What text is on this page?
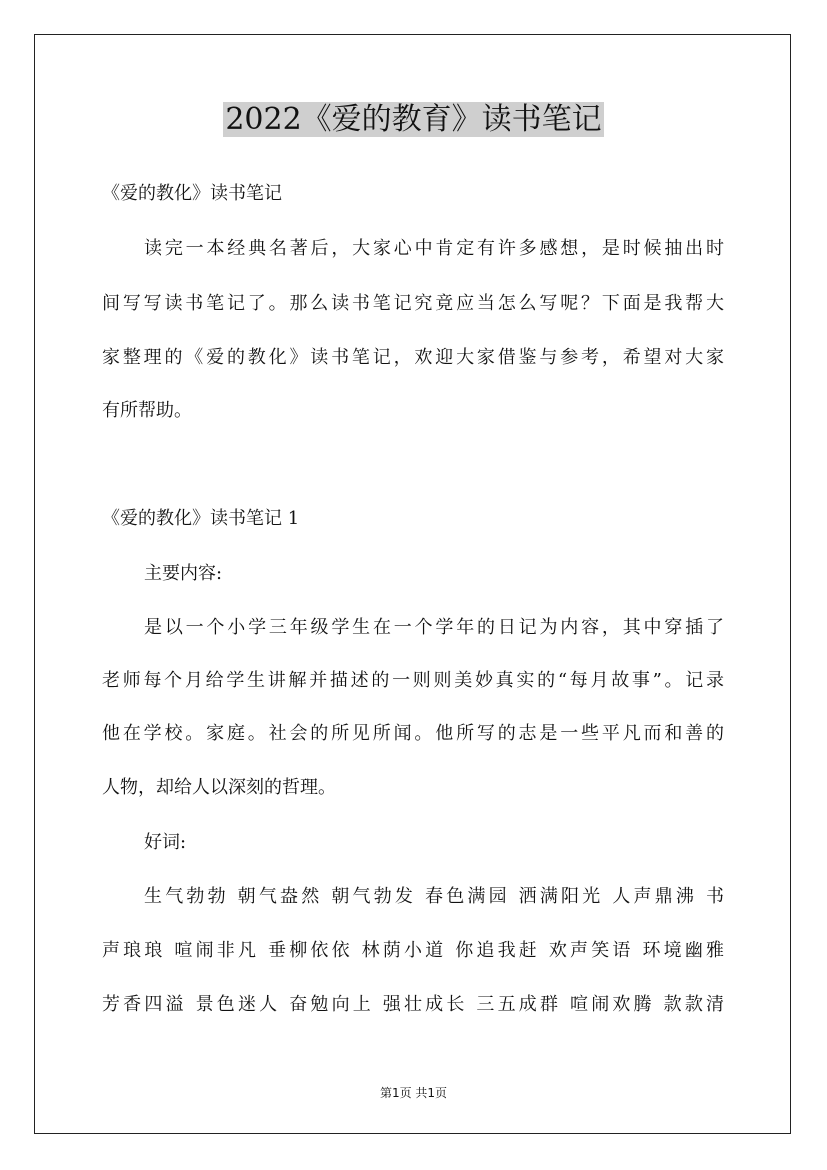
2022《爱的教育》读书笔记
《爱的教化》读书笔记
读完一本经典名著后，大家心中肯定有许多感想，是时候抽出时
间写写读书笔记了。那么读书笔记究竟应当怎么写呢？下面是我帮大
家整理的《爱的教化》读书笔记，欢迎大家借鉴与参考，希望对大家
有所帮助。
《爱的教化》读书笔记 1
主要内容:
是以一个小学三年级学生在一个学年的日记为内容，其中穿插了
老师每个月给学生讲解并描述的一则则美妙真实的“每月故事”。记录
他在学校。家庭。社会的所见所闻。他所写的志是一些平凡而和善的
人物，却给人以深刻的哲理。
好词:
生气勃勃 朝气盎然 朝气勃发 春色满园 洒满阳光 人声鼎沸 书
声琅琅 喧闹非凡 垂柳依依 林荫小道 你追我赶 欢声笑语 环境幽雅
芳香四溢 景色迷人 奋勉向上 强壮成长 三五成群 喧闹欢腾 款款清
第1页 共1页
